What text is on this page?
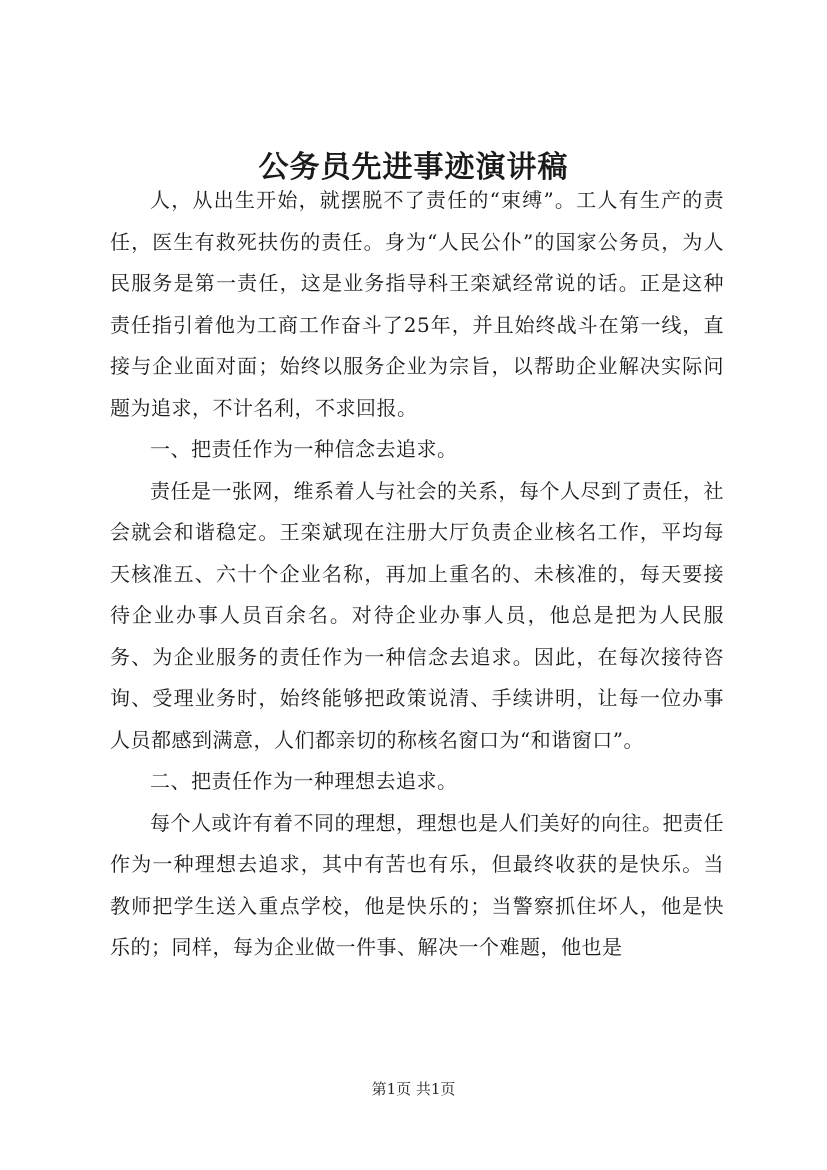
公务员先进事迹演讲稿

人，从出生开始，就摆脱不了责任的“束缚”。工人有生产的责任，医生有救死扶伤的责任。身为“人民公仆”的国家公务员，为人民服务是第一责任，这是业务指导科王栾斌经常说的话。正是这种责任指引着他为工商工作奋斗了25年，并且始终战斗在第一线，直接与企业面对面；始终以服务企业为宗旨，以帮助企业解决实际问题为追求，不计名利，不求回报。

一、把责任作为一种信念去追求。

责任是一张网，维系着人与社会的关系，每个人尽到了责任，社会就会和谐稳定。王栾斌现在注册大厅负责企业核名工作，平均每天核准五、六十个企业名称，再加上重名的、未核准的，每天要接待企业办事人员百余名。对待企业办事人员，他总是把为人民服务、为企业服务的责任作为一种信念去追求。因此，在每次接待咨询、受理业务时，始终能够把政策说清、手续讲明，让每一位办事人员都感到满意，人们都亲切的称核名窗口为“和谐窗口”。

二、把责任作为一种理想去追求。

每个人或许有着不同的理想，理想也是人们美好的向往。把责任作为一种理想去追求，其中有苦也有乐，但最终收获的是快乐。当教师把学生送入重点学校，他是快乐的；当警察抓住坏人，他是快乐的；同样，每为企业做一件事、解决一个难题，他也是

第1页 共1页
